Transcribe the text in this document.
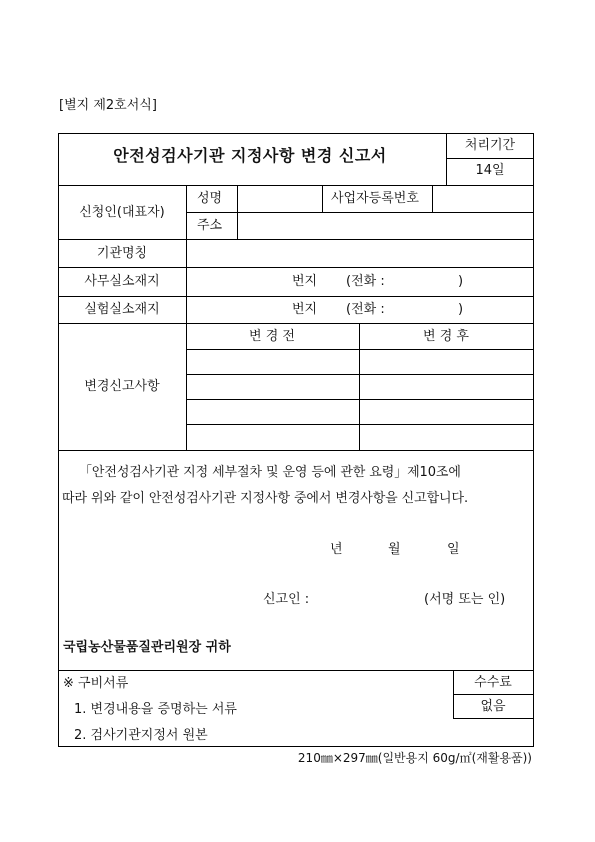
[별지 제2호서식]
안전성검사기관 지정사항 변경 신고서
처리기간
14일
신청인(대표자)
성명	사업자등록번호
주소
기관명칭
사무실소재지	번지 (전화 :	)
실험실소재지	번지 (전화 :	)
변경신고사항
변 경 전	변 경 후
「안전성검사기관 지정 세부절차 및 운영 등에 관한 요령」제10조에
따라 위와 같이 안전성검사기관 지정사항 중에서 변경사항을 신고합니다.
년	월	일
신고인 :	(서명 또는 인)
국립농산물품질관리원장 귀하
※ 구비서류
1. 변경내용을 증명하는 서류
2. 검사기관지정서 원본
수수료
없음
210㎜×297㎜(일반용지 60g/㎡(재활용품))
